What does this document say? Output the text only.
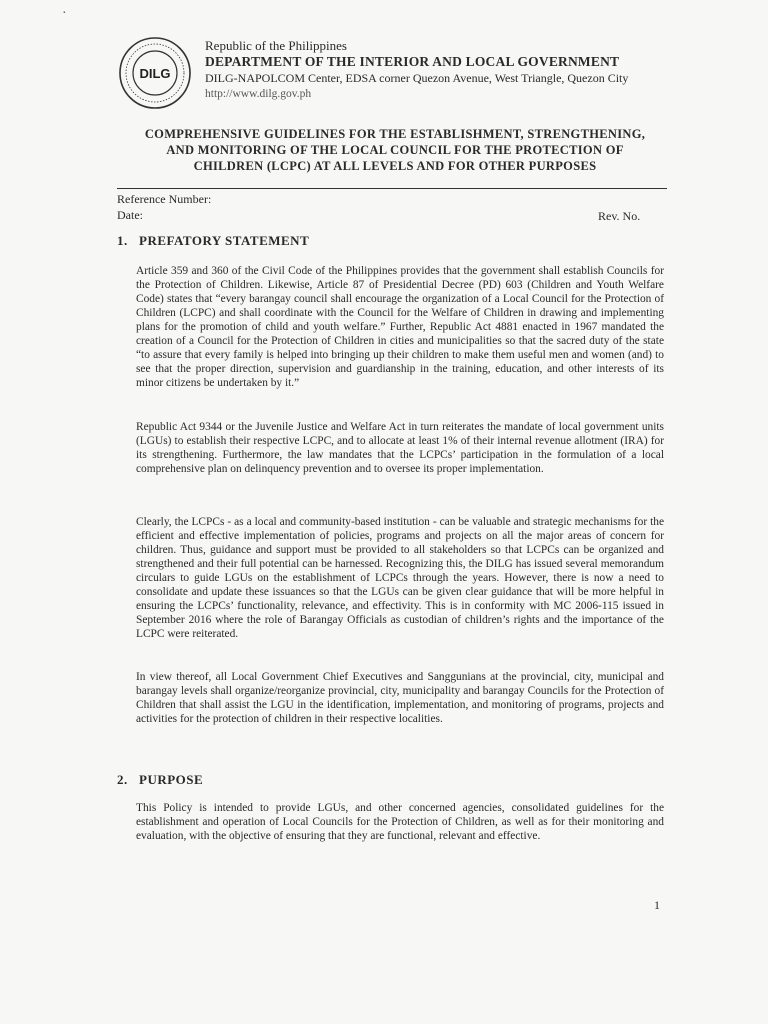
·
DILG
Republic of the Philippines
DEPARTMENT OF THE INTERIOR AND LOCAL GOVERNMENT
DILG-NAPOLCOM Center, EDSA corner Quezon Avenue, West Triangle, Quezon City
http://www.dilg.gov.ph
COMPREHENSIVE GUIDELINES FOR THE ESTABLISHMENT, STRENGTHENING,
AND MONITORING OF THE LOCAL COUNCIL FOR THE PROTECTION OF
CHILDREN (LCPC) AT ALL LEVELS AND FOR OTHER PURPOSES
Reference Number:
Date:	Rev. No.
1. PREFATORY STATEMENT

Article 359 and 360 of the Civil Code of the Philippines provides that the government shall establish Councils for the Protection of Children. Likewise, Article 87 of Presidential Decree (PD) 603 (Children and Youth Welfare Code) states that “every barangay council shall encourage the organization of a Local Council for the Protection of Children (LCPC) and shall coordinate with the Council for the Welfare of Children in drawing and implementing plans for the promotion of child and youth welfare.” Further, Republic Act 4881 enacted in 1967 mandated the creation of a Council for the Protection of Children in cities and municipalities so that the sacred duty of the state “to assure that every family is helped into bringing up their children to make them useful men and women (and) to see that the proper direction, supervision and guardianship in the training, education, and other interests of its minor citizens be undertaken by it.”

Republic Act 9344 or the Juvenile Justice and Welfare Act in turn reiterates the mandate of local government units (LGUs) to establish their respective LCPC, and to allocate at least 1% of their internal revenue allotment (IRA) for its strengthening. Furthermore, the law mandates that the LCPCs’ participation in the formulation of a local comprehensive plan on delinquency prevention and to oversee its proper implementation.

Clearly, the LCPCs - as a local and community-based institution - can be valuable and strategic mechanisms for the efficient and effective implementation of policies, programs and projects on all the major areas of concern for children. Thus, guidance and support must be provided to all stakeholders so that LCPCs can be organized and strengthened and their full potential can be harnessed. Recognizing this, the DILG has issued several memorandum circulars to guide LGUs on the establishment of LCPCs through the years. However, there is now a need to consolidate and update these issuances so that the LGUs can be given clear guidance that will be more helpful in ensuring the LCPCs’ functionality, relevance, and effectivity. This is in conformity with MC 2006-115 issued in September 2016 where the role of Barangay Officials as custodian of children’s rights and the importance of the LCPC were reiterated.

In view thereof, all Local Government Chief Executives and Sanggunians at the provincial, city, municipal and barangay levels shall organize/reorganize provincial, city, municipality and barangay Councils for the Protection of Children that shall assist the LGU in the identification, implementation, and monitoring of programs, projects and activities for the protection of children in their respective localities.

2. PURPOSE

This Policy is intended to provide LGUs, and other concerned agencies, consolidated guidelines for the establishment and operation of Local Councils for the Protection of Children, as well as for their monitoring and evaluation, with the objective of ensuring that they are functional, relevant and effective.

1
